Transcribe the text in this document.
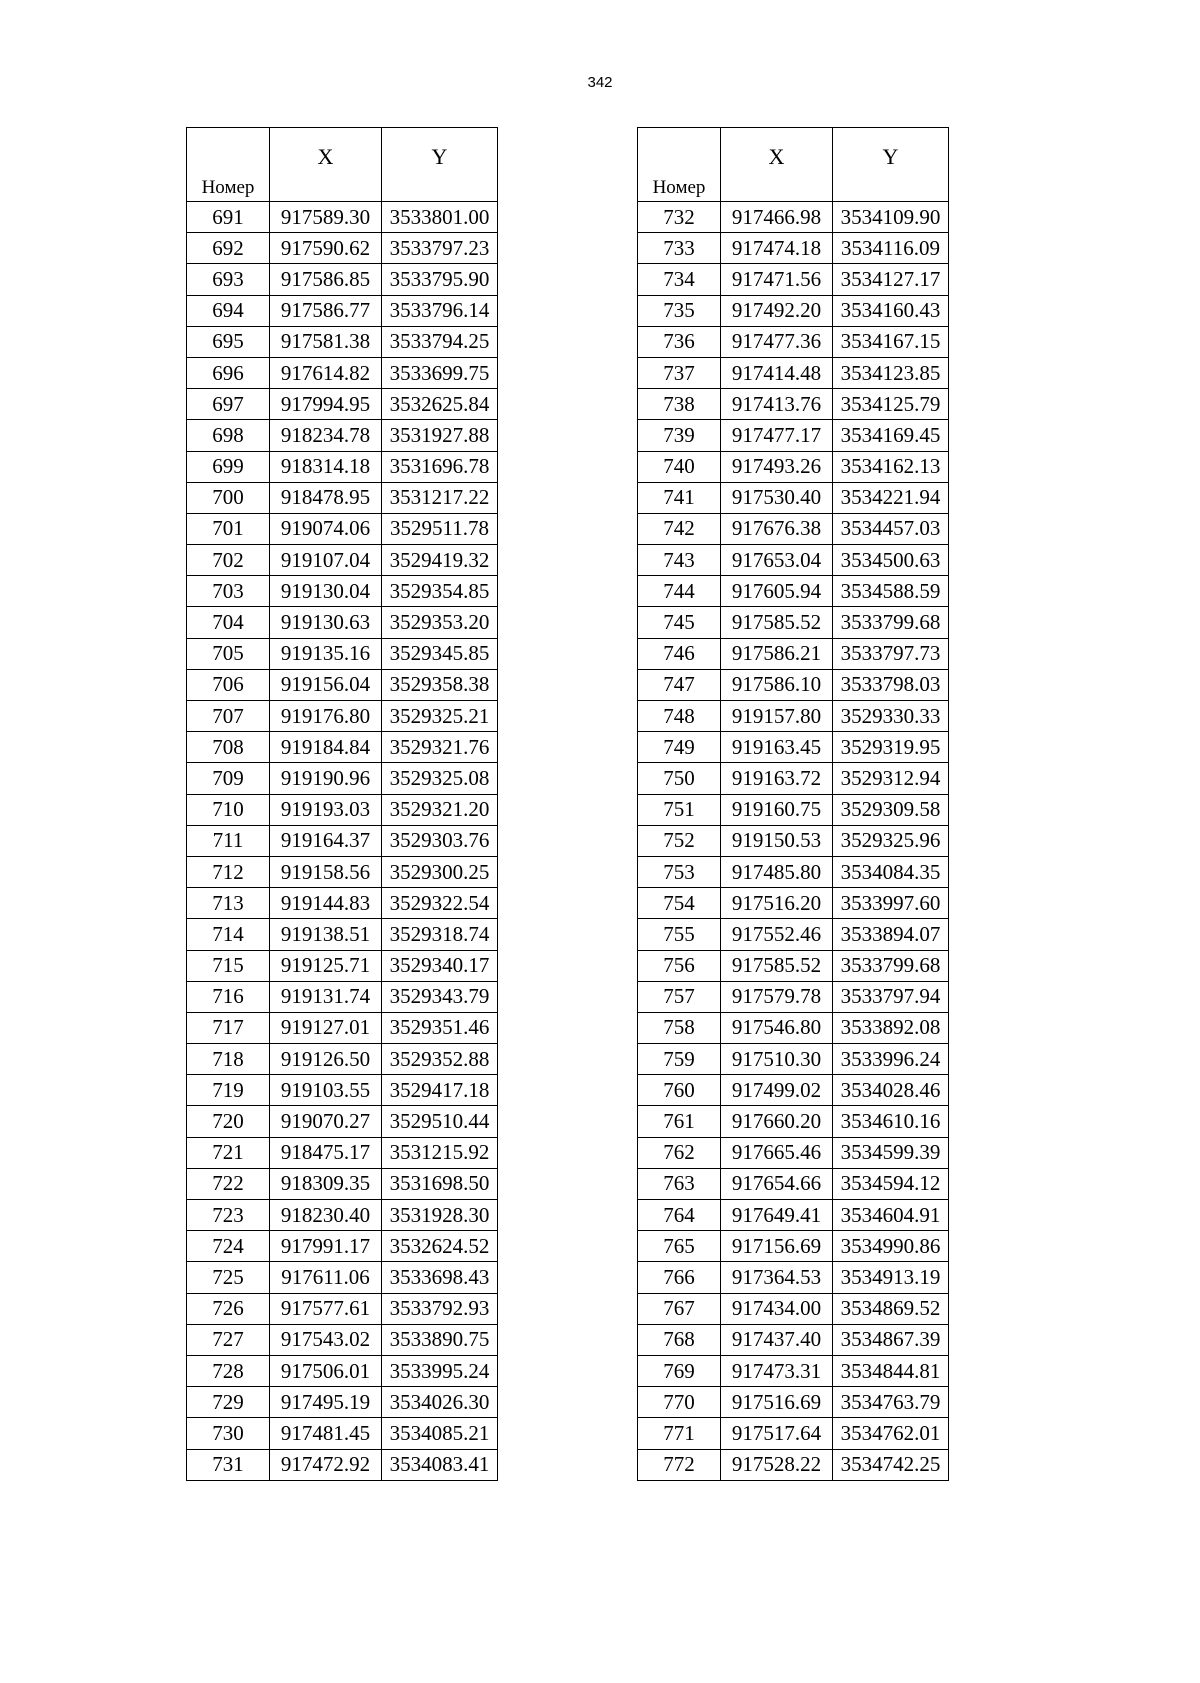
342
Номер	X	Y
691	917589.30	3533801.00
692	917590.62	3533797.23
693	917586.85	3533795.90
694	917586.77	3533796.14
695	917581.38	3533794.25
696	917614.82	3533699.75
697	917994.95	3532625.84
698	918234.78	3531927.88
699	918314.18	3531696.78
700	918478.95	3531217.22
701	919074.06	3529511.78
702	919107.04	3529419.32
703	919130.04	3529354.85
704	919130.63	3529353.20
705	919135.16	3529345.85
706	919156.04	3529358.38
707	919176.80	3529325.21
708	919184.84	3529321.76
709	919190.96	3529325.08
710	919193.03	3529321.20
711	919164.37	3529303.76
712	919158.56	3529300.25
713	919144.83	3529322.54
714	919138.51	3529318.74
715	919125.71	3529340.17
716	919131.74	3529343.79
717	919127.01	3529351.46
718	919126.50	3529352.88
719	919103.55	3529417.18
720	919070.27	3529510.44
721	918475.17	3531215.92
722	918309.35	3531698.50
723	918230.40	3531928.30
724	917991.17	3532624.52
725	917611.06	3533698.43
726	917577.61	3533792.93
727	917543.02	3533890.75
728	917506.01	3533995.24
729	917495.19	3534026.30
730	917481.45	3534085.21
731	917472.92	3534083.41
Номер	X	Y
732	917466.98	3534109.90
733	917474.18	3534116.09
734	917471.56	3534127.17
735	917492.20	3534160.43
736	917477.36	3534167.15
737	917414.48	3534123.85
738	917413.76	3534125.79
739	917477.17	3534169.45
740	917493.26	3534162.13
741	917530.40	3534221.94
742	917676.38	3534457.03
743	917653.04	3534500.63
744	917605.94	3534588.59
745	917585.52	3533799.68
746	917586.21	3533797.73
747	917586.10	3533798.03
748	919157.80	3529330.33
749	919163.45	3529319.95
750	919163.72	3529312.94
751	919160.75	3529309.58
752	919150.53	3529325.96
753	917485.80	3534084.35
754	917516.20	3533997.60
755	917552.46	3533894.07
756	917585.52	3533799.68
757	917579.78	3533797.94
758	917546.80	3533892.08
759	917510.30	3533996.24
760	917499.02	3534028.46
761	917660.20	3534610.16
762	917665.46	3534599.39
763	917654.66	3534594.12
764	917649.41	3534604.91
765	917156.69	3534990.86
766	917364.53	3534913.19
767	917434.00	3534869.52
768	917437.40	3534867.39
769	917473.31	3534844.81
770	917516.69	3534763.79
771	917517.64	3534762.01
772	917528.22	3534742.25
